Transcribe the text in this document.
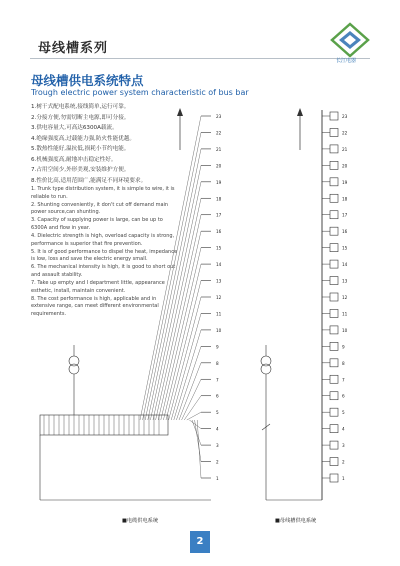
母线槽系列
长江电器
母线槽供电系统特点
Trough electric power system characteristic of bus bar
1.树干式配电系统,接线简单,运行可靠。
2.分接方便,勿需切断主电源,即可分接。
3.供电容量大,可高达6300A载流。
4.绝缘强度高,过载能力强,防火性能优越。
5.散热性能好,温抗低,损耗小节约电能。
6.机械强度高,耐地冲击稳定性好。
7.占用空间少,外形美观,安装维护方便。
8.性价比高,适用范围广,能满足不同环境要求。
1. Trunk type distribution system, it is simple to wire, it is reliable to run.
2. Shunting conveniently, it don't cut off demand main power source,can shunting.
3. Capacity of supplying power is large, can be up to 6300A and flow in year.
4. Dielectric strength is high, overload capacity is strong, performance is superior that fire prevention.
5. It is of good performance to dispel the heat, impedance is low, loss and save the electric energy small.
6. The mechanical intensity is high, it is good to short out and assault stability.
7. Take up empty and I department little, appearance esthetic, install, maintain convenient.
8. The cost performance is high, applicable and in extensive range, can meet different environmental requirements.
23
22
21
20
19
18
17
16
15
14
13
12
11
10
9
8
7
6
5
4
3
2
1
23
22
21
20
19
18
17
16
15
14
13
12
11
10
9
8
7
6
5
4
3
2
1
■电缆供电系统	■母线槽供电系统
2
